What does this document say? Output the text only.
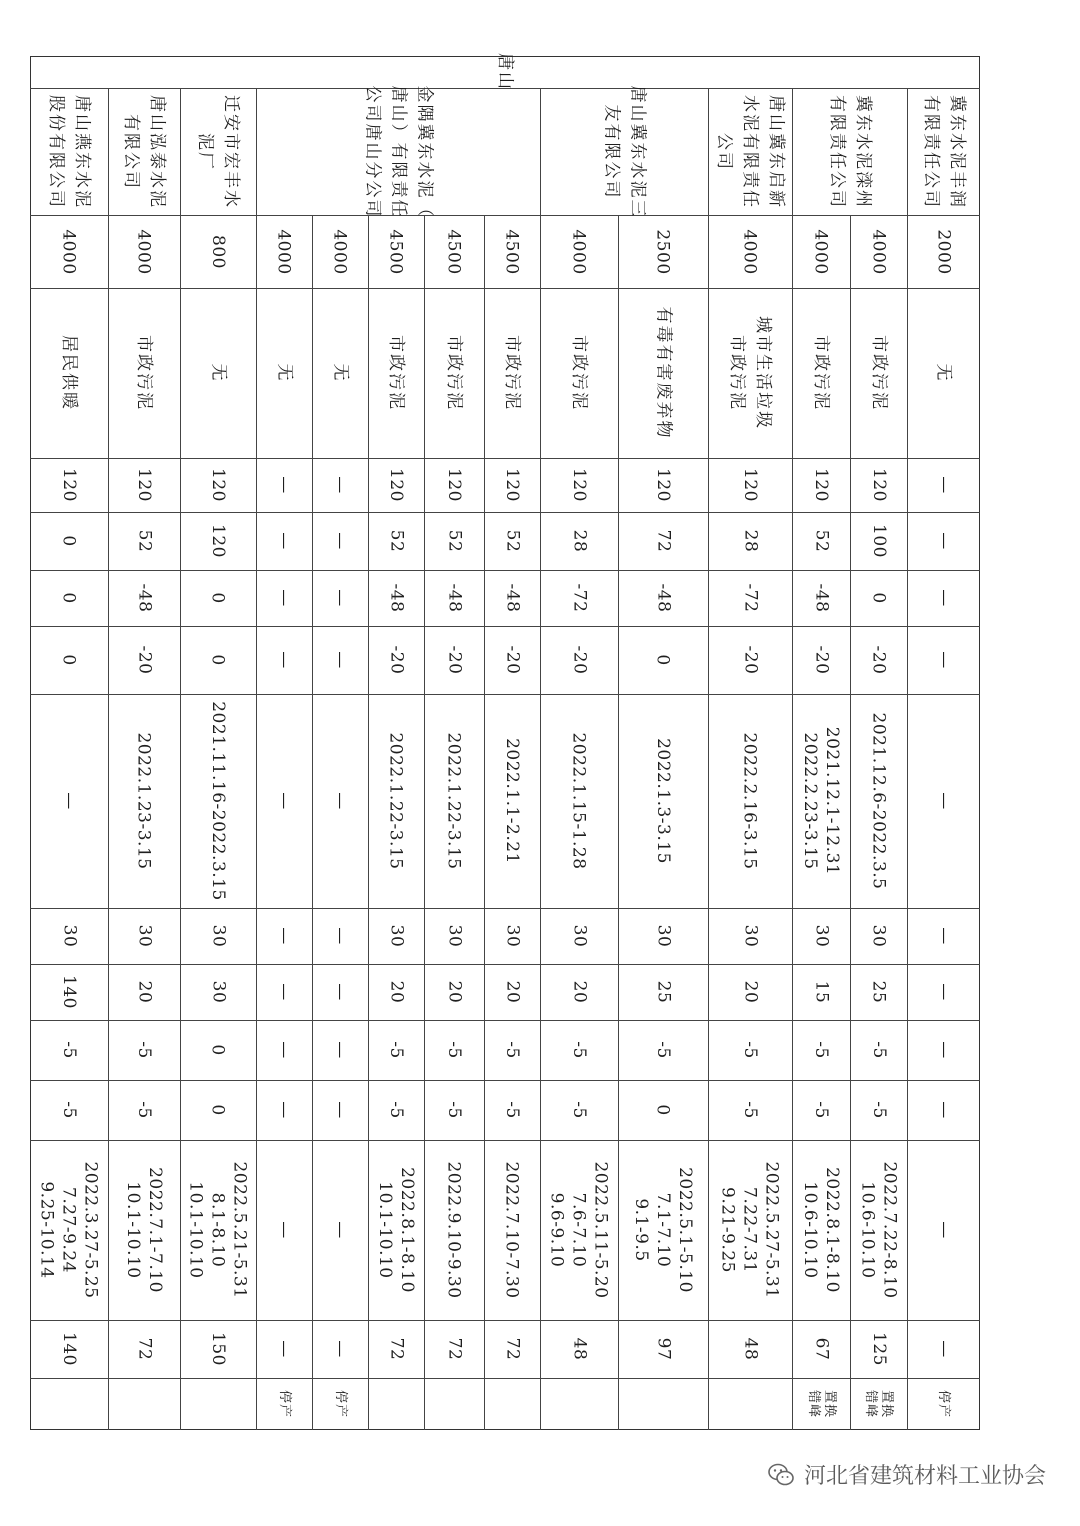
唐山
冀东水泥丰润
有限责任公司
2000
无
—
—
—
—
—
—
—
—
—
—
—
停产
冀东水泥滦州
有限责任公司
4000
市政污泥
120
100
0
-20
2021.12.6-2022.3.5
30
25
-5
-5
2022.7.22-8.10
10.6-10.10
125
置换
错峰
4000
市政污泥
120
52
-48
-20
2021.12.1-12.31
2022.2.23-3.15
30
15
-5
-5
2022.8.1-8.10
10.6-10.10
67
置换
错峰
唐山冀东启新
水泥有限责任
公司
4000
城市生活垃圾
市政污泥
120
28
-72
-20
2022.2.16-3.15
30
20
-5
-5
2022.5.27-5.31
7.22-7.31
9.21-9.25
48
唐山冀东水泥三
友有限公司
2500
有毒有害废弃物
120
72
-48
0
2022.1.3-3.15
30
25
-5
0
2022.5.1-5.10
7.1-7.10
9.1-9.5
97
4000
市政污泥
120
28
-72
-20
2022.1.15-1.28
30
20
-5
-5
2022.5.11-5.20
7.6-7.10
9.6-9.10
48
金隅冀东水泥（
唐山）有限责任
公司唐山分公司
4500
市政污泥
120
52
-48
-20
2022.1.1-2.21
30
20
-5
-5
2022.7.10-7.30
72
4500
市政污泥
120
52
-48
-20
2022.1.22-3.15
30
20
-5
-5
2022.9.10-9.30
72
4500
市政污泥
120
52
-48
-20
2022.1.22-3.15
30
20
-5
-5
2022.8.1-8.10
10.1-10.10
72
4000
无
—
—
—
—
—
—
—
—
—
—
—
停产
4000
无
—
—
—
—
—
—
—
—
—
—
—
停产
迁安市宏丰水
泥厂
800
无
120
120
0
0
2021.11.16-2022.3.15
30
30
0
0
2022.5.21-5.31
8.1-8.10
10.1-10.10
150
唐山泓泰水泥
有限公司
4000
市政污泥
120
52
-48
-20
2022.1.23-3.15
30
20
-5
-5
2022.7.1-7.10
10.1-10.10
72
唐山燕东水泥
股份有限公司
4000
居民供暖
120
0
0
0
—
30
140
-5
-5
2022.3.27-5.25
7.27-9.24
9.25-10.14
140
河北省建筑材料工业协会
